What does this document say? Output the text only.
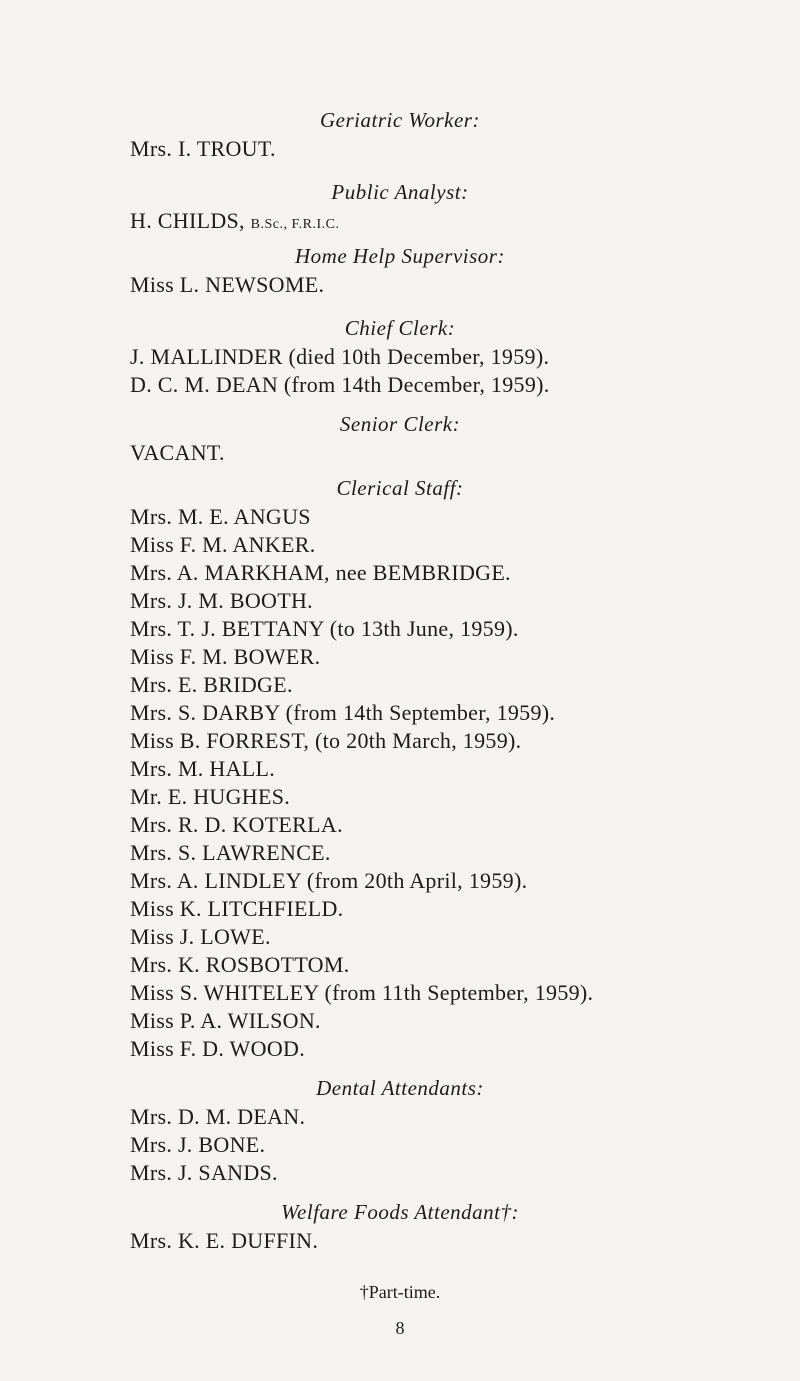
Geriatric Worker:
Mrs. I. TROUT.
Public Analyst:
H. CHILDS, B.Sc., F.R.I.C.
Home Help Supervisor:
Miss L. NEWSOME.
Chief Clerk:
J. MALLINDER (died 10th December, 1959).
D. C. M. DEAN (from 14th December, 1959).
Senior Clerk:
VACANT.
Clerical Staff:
Mrs. M. E. ANGUS
Miss F. M. ANKER.
Mrs. A. MARKHAM, nee BEMBRIDGE.
Mrs. J. M. BOOTH.
Mrs. T. J. BETTANY (to 13th June, 1959).
Miss F. M. BOWER.
Mrs. E. BRIDGE.
Mrs. S. DARBY (from 14th September, 1959).
Miss B. FORREST, (to 20th March, 1959).
Mrs. M. HALL.
Mr. E. HUGHES.
Mrs. R. D. KOTERLA.
Mrs. S. LAWRENCE.
Mrs. A. LINDLEY (from 20th April, 1959).
Miss K. LITCHFIELD.
Miss J. LOWE.
Mrs. K. ROSBOTTOM.
Miss S. WHITELEY (from 11th September, 1959).
Miss P. A. WILSON.
Miss F. D. WOOD.
Dental Attendants:
Mrs. D. M. DEAN.
Mrs. J. BONE.
Mrs. J. SANDS.
Welfare Foods Attendant†:
Mrs. K. E. DUFFIN.
†Part-time.
8
